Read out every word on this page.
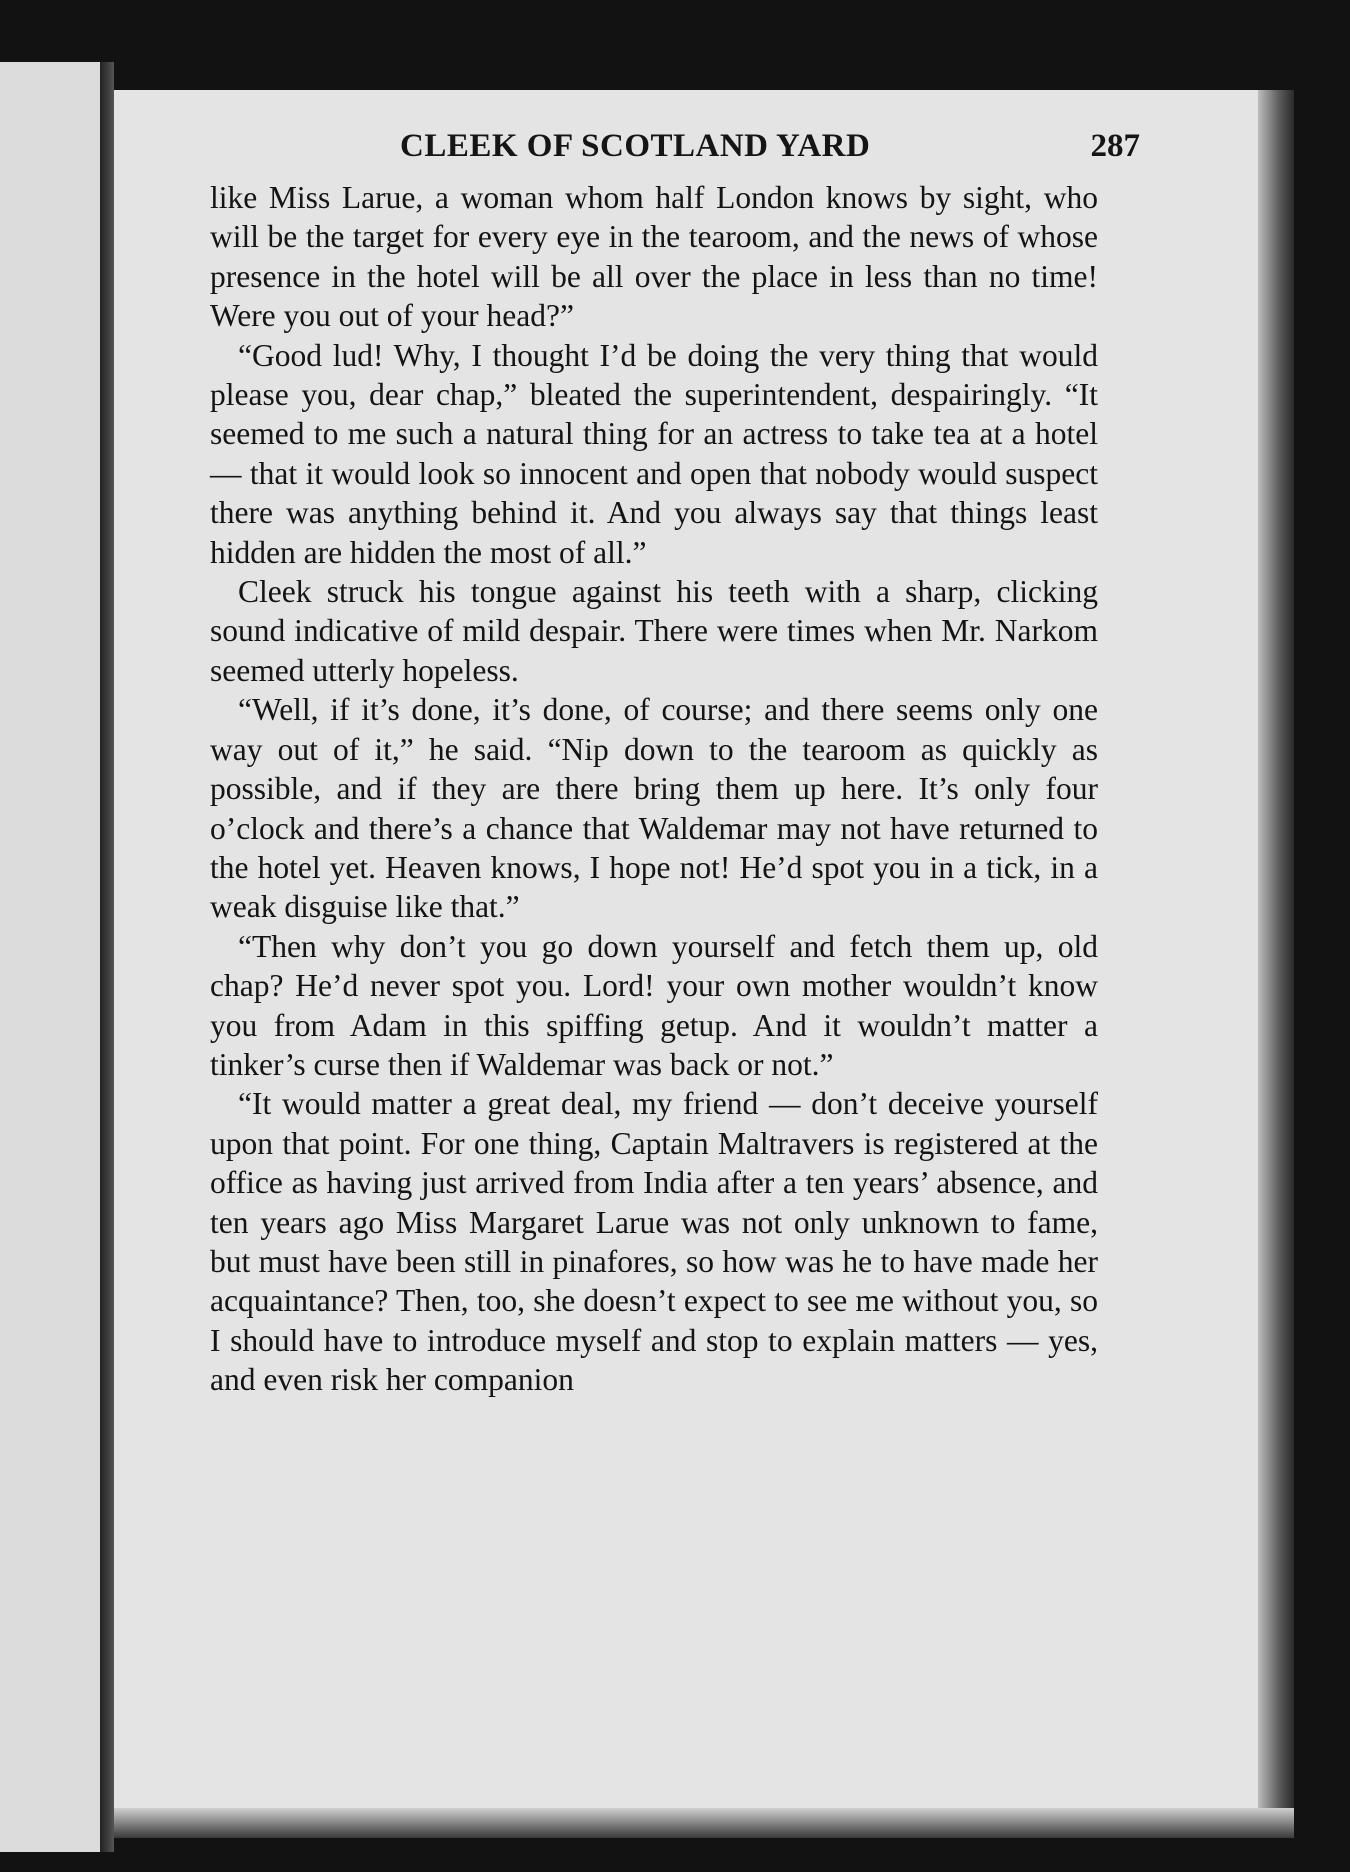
CLEEK OF SCOTLAND YARD	287

like Miss Larue, a woman whom half London knows by sight, who will be the target for every eye in the tearoom, and the news of whose presence in the hotel will be all over the place in less than no time! Were you out of your head?”

“Good lud! Why, I thought I’d be doing the very thing that would please you, dear chap,” bleated the superintendent, despairingly. “It seemed to me such a natural thing for an actress to take tea at a hotel — that it would look so innocent and open that nobody would suspect there was anything behind it. And you always say that things least hidden are hidden the most of all.”

Cleek struck his tongue against his teeth with a sharp, clicking sound indicative of mild despair. There were times when Mr. Narkom seemed utterly hopeless.

“Well, if it’s done, it’s done, of course; and there seems only one way out of it,” he said. “Nip down to the tearoom as quickly as possible, and if they are there bring them up here. It’s only four o’clock and there’s a chance that Waldemar may not have returned to the hotel yet. Heaven knows, I hope not! He’d spot you in a tick, in a weak disguise like that.”

“Then why don’t you go down yourself and fetch them up, old chap? He’d never spot you. Lord! your own mother wouldn’t know you from Adam in this spiffing getup. And it wouldn’t matter a tinker’s curse then if Waldemar was back or not.”

“It would matter a great deal, my friend — don’t deceive yourself upon that point. For one thing, Captain Maltravers is registered at the office as having just arrived from India after a ten years’ absence, and ten years ago Miss Margaret Larue was not only unknown to fame, but must have been still in pinafores, so how was he to have made her acquaintance? Then, too, she doesn’t expect to see me without you, so I should have to introduce myself and stop to explain matters — yes, and even risk her companion
